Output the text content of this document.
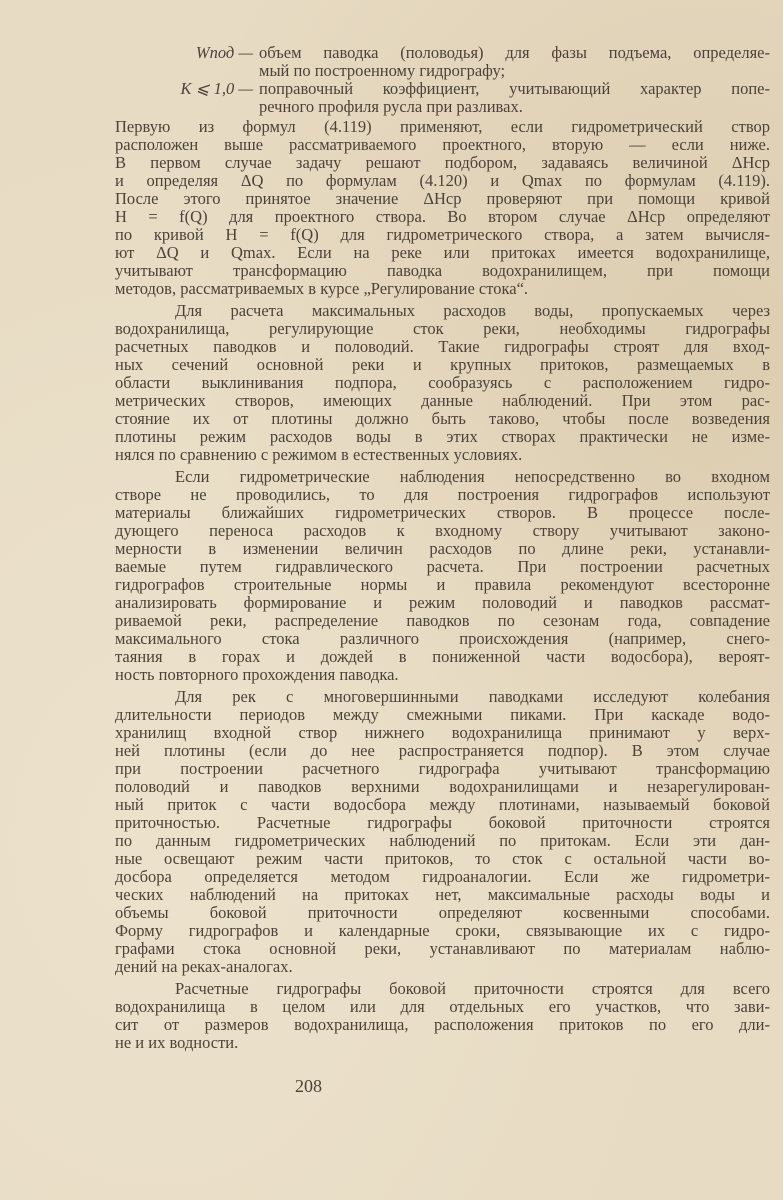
Wпод — объем паводка (половодья) для фазы подъема, определяе-
мый по построенному гидрографу;
K ⩽ 1,0 — поправочный коэффициент, учитывающий характер попе-
речного профиля русла при разливах.
Первую из формул (4.119) применяют, если гидрометрический створ
расположен выше рассматриваемого проектного, вторую — если ниже.
В первом случае задачу решают подбором, задаваясь величиной ΔHср
и определяя ΔQ по формулам (4.120) и Qmax по формулам (4.119).
После этого принятое значение ΔHср проверяют при помощи кривой
H = f(Q) для проектного створа. Во втором случае ΔHср определяют
по кривой H = f(Q) для гидрометрического створа, а затем вычисля-
ют ΔQ и Qmax. Если на реке или притоках имеется водохранилище,
учитывают трансформацию паводка водохранилищем, при помощи
методов, рассматриваемых в курсе „Регулирование стока“.
Для расчета максимальных расходов воды, пропускаемых через
водохранилища, регулирующие сток реки, необходимы гидрографы
расчетных паводков и половодий. Такие гидрографы строят для вход-
ных сечений основной реки и крупных притоков, размещаемых в
области выклинивания подпора, сообразуясь с расположением гидро-
метрических створов, имеющих данные наблюдений. При этом рас-
стояние их от плотины должно быть таково, чтобы после возведения
плотины режим расходов воды в этих створах практически не изме-
нялся по сравнению с режимом в естественных условиях.
Если гидрометрические наблюдения непосредственно во входном
створе не проводились, то для построения гидрографов используют
материалы ближайших гидрометрических створов. В процессе после-
дующего переноса расходов к входному створу учитывают законо-
мерности в изменении величин расходов по длине реки, устанавли-
ваемые путем гидравлического расчета. При построении расчетных
гидрографов строительные нормы и правила рекомендуют всесторонне
анализировать формирование и режим половодий и паводков рассмат-
риваемой реки, распределение паводков по сезонам года, совпадение
максимального стока различного происхождения (например, снего-
таяния в горах и дождей в пониженной части водосбора), вероят-
ность повторного прохождения паводка.
Для рек с многовершинными паводками исследуют колебания
длительности периодов между смежными пиками. При каскаде водо-
хранилищ входной створ нижнего водохранилища принимают у верх-
ней плотины (если до нее распространяется подпор). В этом случае
при построении расчетного гидрографа учитывают трансформацию
половодий и паводков верхними водохранилищами и незарегулирован-
ный приток с части водосбора между плотинами, называемый боковой
приточностью. Расчетные гидрографы боковой приточности строятся
по данным гидрометрических наблюдений по притокам. Если эти дан-
ные освещают режим части притоков, то сток с остальной части во-
досбора определяется методом гидроаналогии. Если же гидрометри-
ческих наблюдений на притоках нет, максимальные расходы воды и
объемы боковой приточности определяют косвенными способами.
Форму гидрографов и календарные сроки, связывающие их с гидро-
графами стока основной реки, устанавливают по материалам наблю-
дений на реках-аналогах.
Расчетные гидрографы боковой приточности строятся для всего
водохранилища в целом или для отдельных его участков, что зави-
сит от размеров водохранилища, расположения притоков по его дли-
не и их водности.
208
